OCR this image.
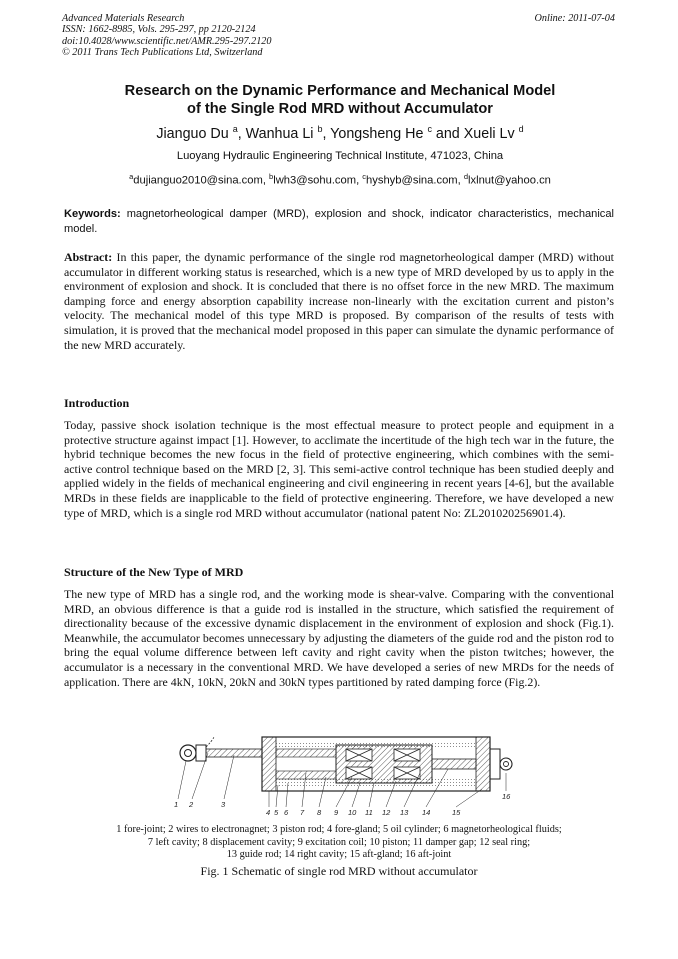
Advanced Materials Research
ISSN: 1662-8985, Vols. 295-297, pp 2120-2124
doi:10.4028/www.scientific.net/AMR.295-297.2120
© 2011 Trans Tech Publications Ltd, Switzerland
Online: 2011-07-04
Research on the Dynamic Performance and Mechanical Model
of the Single Rod MRD without Accumulator
Jianguo Du $^a$, Wanhua Li $^b$, Yongsheng He $^c$ and Xueli Lv $^d$
Luoyang Hydraulic Engineering Technical Institute, 471023, China
$^a$dujianguo2010@sina.com, $^b$lwh3@sohu.com, $^c$hyshyb@sina.com, $^d$lxlnut@yahoo.cn
Keywords: magnetorheological damper (MRD), explosion and shock, indicator characteristics, mechanical model.
Abstract: In this paper, the dynamic performance of the single rod magnetorheological damper (MRD) without accumulator in different working status is researched, which is a new type of MRD developed by us to apply in the environment of explosion and shock. It is concluded that there is no offset force in the new MRD. The maximum damping force and energy absorption capability increase non-linearly with the excitation current and piston’s velocity. The mechanical model of this type MRD is proposed. By comparison of the results of tests with simulation, it is proved that the mechanical model proposed in this paper can simulate the dynamic performance of the new MRD accurately.
Introduction
Today, passive shock isolation technique is the most effectual measure to protect people and equipment in a protective structure against impact [1]. However, to acclimate the incertitude of the high tech war in the future, the hybrid technique becomes the new focus in the field of protective engineering, which combines with the semi-active control technique based on the MRD [2, 3]. This semi-active control technique has been studied deeply and applied widely in the fields of mechanical engineering and civil engineering in recent years [4-6], but the available MRDs in these fields are inapplicable to the field of protective engineering. Therefore, we have developed a new type of MRD, which is a single rod MRD without accumulator (national patent No: ZL201020256901.4).
Structure of the New Type of MRD
The new type of MRD has a single rod, and the working mode is shear-valve. Comparing with the conventional MRD, an obvious difference is that a guide rod is installed in the structure, which satisfied the requirement of directionality because of the excessive dynamic displacement in the environment of explosion and shock (Fig.1). Meanwhile, the accumulator becomes unnecessary by adjusting the diameters of the guide rod and the piston rod to bring the equal volume difference between left cavity and right cavity when the piston twitches; however, the accumulator is a necessary in the conventional MRD. We have developed a series of new MRDs for the needs of application. There are 4kN, 10kN, 20kN and 30kN types partitioned by rated damping force (Fig.2).
1 2	3
4 5 6 7 8 9 10 11 12 13 14	15
16
1 fore-joint; 2 wires to electronagnet; 3 piston rod; 4 fore-gland; 5 oil cylinder; 6 magnetorheological fluids;
7 left cavity; 8 displacement cavity; 9 excitation coil; 10 piston; 11 damper gap; 12 seal ring;
13 guide rod; 14 right cavity; 15 aft-gland; 16 aft-joint
Fig. 1 Schematic of single rod MRD without accumulator
